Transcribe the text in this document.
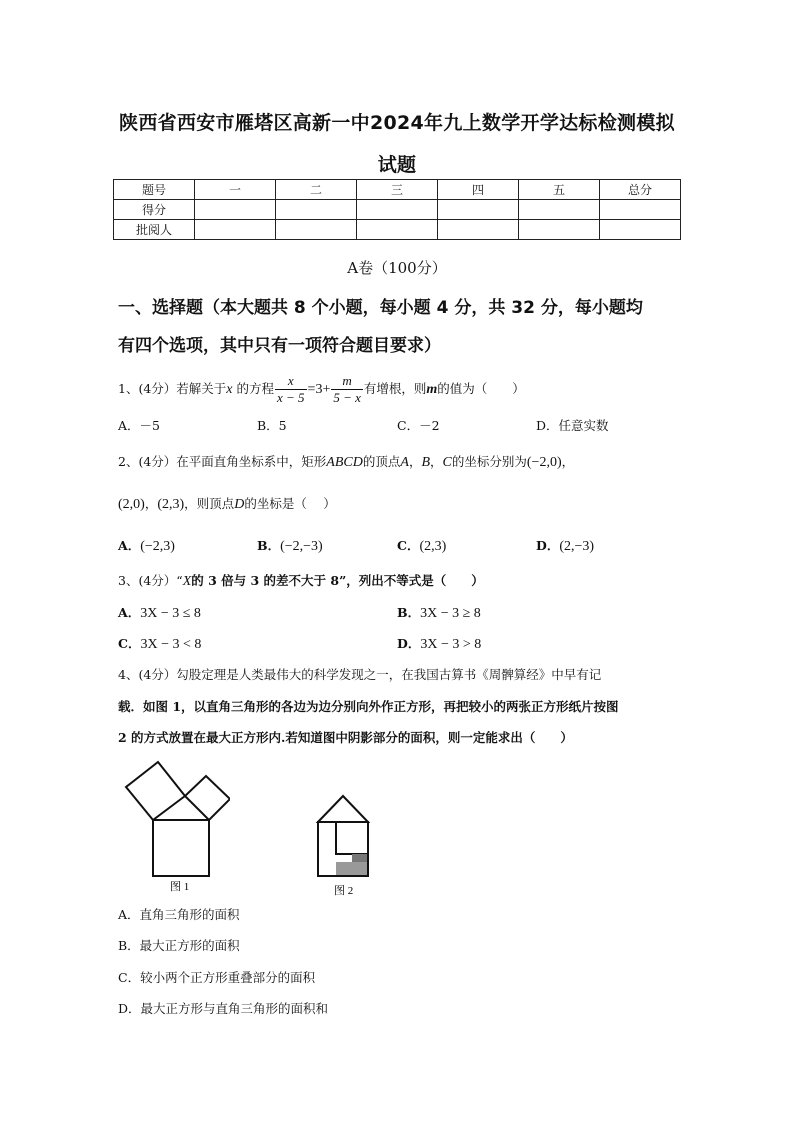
陕西省西安市雁塔区高新一中2024年九上数学开学达标检测模拟
试题
题号	一	二	三	四	五	总分
得分						
批阅人						
A卷（100分）
一、选择题（本大题共 8 个小题，每小题 4 分，共 32 分，每小题均
有四个选项，其中只有一项符合题目要求）
1、(4分）若解关于x 的方程 $\frac{x}{x - 5} =3+ \frac{m}{5 - x}$ 有增根，则m的值为（　　）
A．－5	B．5	C．－2	D．任意实数
2、(4分）在平面直角坐标系中，矩形ABCD的顶点A，B，C的坐标分别为(−2,0)，
(2,0)，(2,3)，则顶点D的坐标是（　 ）
A．(−2,3)	B．(−2,−3)	C．(2,3)	D．(2,−3)
3、(4分）“X的 3 倍与 3 的差不大于 8”，列出不等式是（　　）
A．3X − 3 ≤ 8	B．3X − 3 ≥ 8
C．3X − 3 < 8	D．3X − 3 > 8
4、(4分）勾股定理是人类最伟大的科学发现之一，在我国古算书《周髀算经》中早有记
载．如图 1，以直角三角形的各边为边分别向外作正方形，再把较小的两张正方形纸片按图
2 的方式放置在最大正方形内.若知道图中阴影部分的面积，则一定能求出（　　）
图 1	图 2
A．直角三角形的面积
B．最大正方形的面积
C．较小两个正方形重叠部分的面积
D．最大正方形与直角三角形的面积和
